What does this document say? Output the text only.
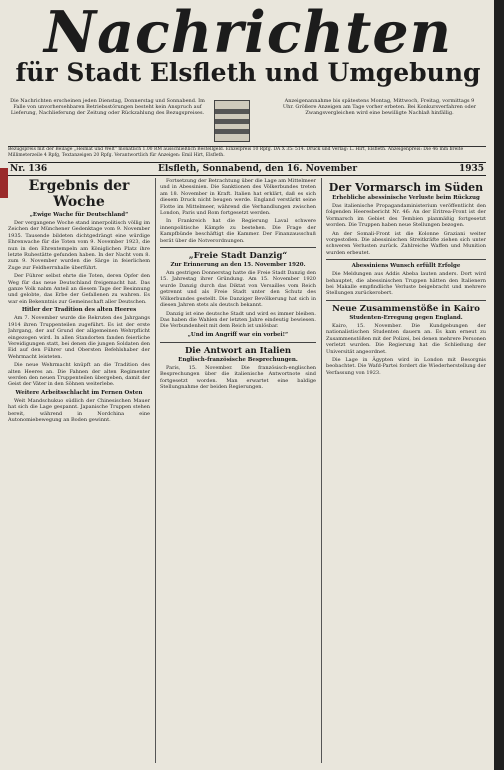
Nachrichten
für Stadt Elsfleth und Umgebung
Die Nachrichten erscheinen jeden Dienstag, Donnerstag und Sonnabend. Im Falle von unvorhersehbaren Betriebsstörungen besteht kein Anspruch auf Lieferung, Nachlieferung der Zeitung oder Rückzahlung des Bezugspreises.
Anzeigenannahme bis spätestens Montag, Mittwoch, Freitag, vormittags 9 Uhr. Größere Anzeigen am Tage vorher erbeten. Bei Konkursverfahren oder Zwangsvergleichen wird eine bewilligte Nachlaß hinfällig.
Bezugspreis mit der Beilage „Heimat und Welt“ monatlich 1.00 RM ausschließlich Bestellgeld. Einzelpreis 10 Rpfg. DA X 35: 514. Druck und Verlag: L. Hirt, Elsfleth. Anzeigenpreis: Die 46 mm breite Millimeterzeile 4 Rpfg, Textanzeigen 20 Rpfg. Verantwortlich für Anzeigen: Emil Hirt, Elsfleth.
Nr. 136	Elsfleth, Sonnabend, den 16. November	1935
Ergebnis der Woche
„Ewige Wache für Deutschland“

Der vergangene Woche stand innerpolitisch völlig im Zeichen der Münchener Gedenktage vom 9. November 1935. Tausende bildeten dichtgedrängt eine würdige Ehrenwache für die Toten vom 9. November 1923, die nun in den Ehrentempeln am Königlichen Platz ihre letzte Ruhestätte gefunden haben. In der Nacht vom 8. zum 9. November wurden die Särge in feierlichem Zuge zur Feldherrnhalle überführt.

Der Führer selbst ehrte die Toten, deren Opfer den Weg für das neue Deutschland freigemacht hat. Das ganze Volk nahm Anteil an diesem Tage der Besinnung und gelobte, das Erbe der Gefallenen zu wahren. Es war ein Bekenntnis zur Gemeinschaft aller Deutschen.

Hitler der Tradition des alten Heeres

Am 7. November wurde die Rekruten des Jahrgangs 1914 ihren Truppenteilen zugeführt. Es ist der erste Jahrgang, der auf Grund der allgemeinen Wehrpflicht eingezogen wird. In allen Standorten fanden feierliche Vereidigungen statt, bei denen die jungen Soldaten den Eid auf den Führer und Obersten Befehlshaber der Wehrmacht leisteten.

Die neue Wehrmacht knüpft an die Tradition des alten Heeres an. Die Fahnen der alten Regimenter werden den neuen Truppenteilen übergeben, damit der Geist der Väter in den Söhnen weiterlebe.

Weitere Arbeitsschlacht im Fernen Osten

Weit Mandschukuo südlich der Chinesischen Mauer hat sich die Lage gespannt. Japanische Truppen stehen bereit, während in Nordchina eine Autonomiebewegung an Boden gewinnt.

Fortsetzung der Betrachtung über die Lage am Mittelmeer und in Abessinien. Die Sanktionen des Völkerbundes treten am 18. November in Kraft. Italien hat erklärt, daß es sich diesem Druck nicht beugen werde. England verstärkt seine Flotte im Mittelmeer, während die Verhandlungen zwischen London, Paris und Rom fortgesetzt werden.

In Frankreich hat die Regierung Laval schwere innenpolitische Kämpfe zu bestehen. Die Frage der Kampfbünde beschäftigt die Kammer. Der Finanzausschuß berät über die Notverordnungen.

„Freie Stadt Danzig“
Zur Erinnerung an den 15. November 1920.

Am gestrigen Donnerstag hatte die Freie Stadt Danzig den 15. Jahrestag ihrer Gründung. Am 15. November 1920 wurde Danzig durch das Diktat von Versailles vom Reich getrennt und als Freie Stadt unter den Schutz des Völkerbundes gestellt. Die Danziger Bevölkerung hat sich in diesen Jahren stets als deutsch bekannt.

Danzig ist eine deutsche Stadt und wird es immer bleiben. Das haben die Wahlen der letzten Jahre eindeutig bewiesen. Die Verbundenheit mit dem Reich ist unlösbar.

„Und im Angriff war ein vorbei!“
Die Antwort an Italien
Englisch-französische Besprechungen.

Paris, 15. November. Die französisch-englischen Besprechungen über die italienische Antwortnote sind fortgesetzt worden. Man erwartet eine baldige Stellungnahme der beiden Regierungen.

Der Vormarsch im Süden
Erhebliche abessinische Verluste beim Rückzug

Das italienische Propagandaministerium veröffentlicht den folgenden Heeresbericht Nr. 46: An der Eritrea-Front ist der Vormarsch im Gebiet des Tembien planmäßig fortgesetzt worden. Die Truppen haben neue Stellungen bezogen.

An der Somali-Front ist die Kolonne Graziani weiter vorgestoßen. Die abessinischen Streitkräfte ziehen sich unter schweren Verlusten zurück. Zahlreiche Waffen und Munition wurden erbeutet.

Abessiniens Wunsch erfüllt Erfolge

Die Meldungen aus Addis Abeba lauten anders. Dort wird behauptet, die abessinischen Truppen hätten den Italienern bei Makalle empfindliche Verluste beigebracht und mehrere Stellungen zurückerobert.

Neue Zusammenstöße in Kairo
Studenten-Erregung gegen England.

Kairo, 15. November. Die Kundgebungen der nationalistischen Studenten dauern an. Es kam erneut zu Zusammenstößen mit der Polizei, bei denen mehrere Personen verletzt wurden. Die Regierung hat die Schließung der Universität angeordnet.

Die Lage in Ägypten wird in London mit Besorgnis beobachtet. Die Wafd-Partei fordert die Wiederherstellung der Verfassung von 1923.
